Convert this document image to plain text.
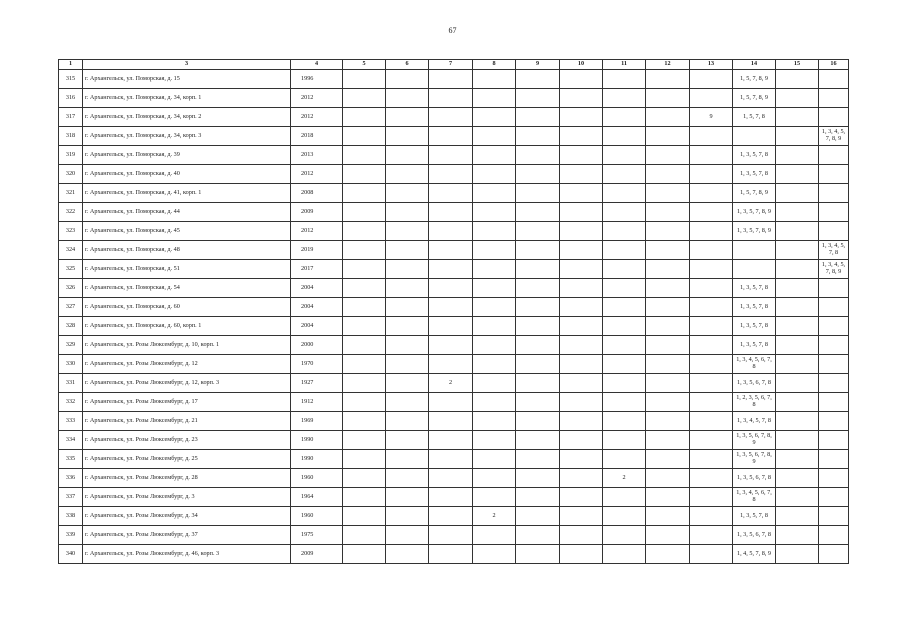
67
1	3	4	5	6	7	8	9	10	11	12	13	14	15	16
315	г. Архангельск, ул. Поморская, д. 15	1996										1, 5, 7, 8, 9		
316	г. Архангельск, ул. Поморская, д. 34, корп. 1	2012										1, 5, 7, 8, 9		
317	г. Архангельск, ул. Поморская, д. 34, корп. 2	2012									9	1, 5, 7, 8		
318	г. Архангельск, ул. Поморская, д. 34, корп. 3	2018												1, 3, 4, 5, 7, 8, 9
319	г. Архангельск, ул. Поморская, д. 39	2013										1, 3, 5, 7, 8		
320	г. Архангельск, ул. Поморская, д. 40	2012										1, 3, 5, 7, 8		
321	г. Архангельск, ул. Поморская, д. 41, корп. 1	2008										1, 5, 7, 8, 9		
322	г. Архангельск, ул. Поморская, д. 44	2009										1, 3, 5, 7, 8, 9		
323	г. Архангельск, ул. Поморская, д. 45	2012										1, 3, 5, 7, 8, 9		
324	г. Архангельск, ул. Поморская, д. 48	2019												1, 3, 4, 5, 7, 8
325	г. Архангельск, ул. Поморская, д. 51	2017												1, 3, 4, 5, 7, 8, 9
326	г. Архангельск, ул. Поморская, д. 54	2004										1, 3, 5, 7, 8		
327	г. Архангельск, ул. Поморская, д. 60	2004										1, 3, 5, 7, 8		
328	г. Архангельск, ул. Поморская, д. 60, корп. 1	2004										1, 3, 5, 7, 8		
329	г. Архангельск, ул. Розы Люксембург, д. 10, корп. 1	2000										1, 3, 5, 7, 8		
330	г. Архангельск, ул. Розы Люксембург, д. 12	1970										1, 3, 4, 5, 6, 7, 8		
331	г. Архангельск, ул. Розы Люксембург, д. 12, корп. 3	1927			2							1, 3, 5, 6, 7, 8		
332	г. Архангельск, ул. Розы Люксембург, д. 17	1912										1, 2, 3, 5, 6, 7, 8		
333	г. Архангельск, ул. Розы Люксембург, д. 21	1969										1, 3, 4, 5, 7, 8		
334	г. Архангельск, ул. Розы Люксембург, д. 23	1990										1, 3, 5, 6, 7, 8, 9		
335	г. Архангельск, ул. Розы Люксембург, д. 25	1990										1, 3, 5, 6, 7, 8, 9		
336	г. Архангельск, ул. Розы Люксембург, д. 28	1960							2			1, 3, 5, 6, 7, 8		
337	г. Архангельск, ул. Розы Люксембург, д. 3	1964										1, 3, 4, 5, 6, 7, 8		
338	г. Архангельск, ул. Розы Люксембург, д. 34	1960				2						1, 3, 5, 7, 8		
339	г. Архангельск, ул. Розы Люксембург, д. 37	1975										1, 3, 5, 6, 7, 8		
340	г. Архангельск, ул. Розы Люксембург, д. 46, корп. 3	2009										1, 4, 5, 7, 8, 9		
